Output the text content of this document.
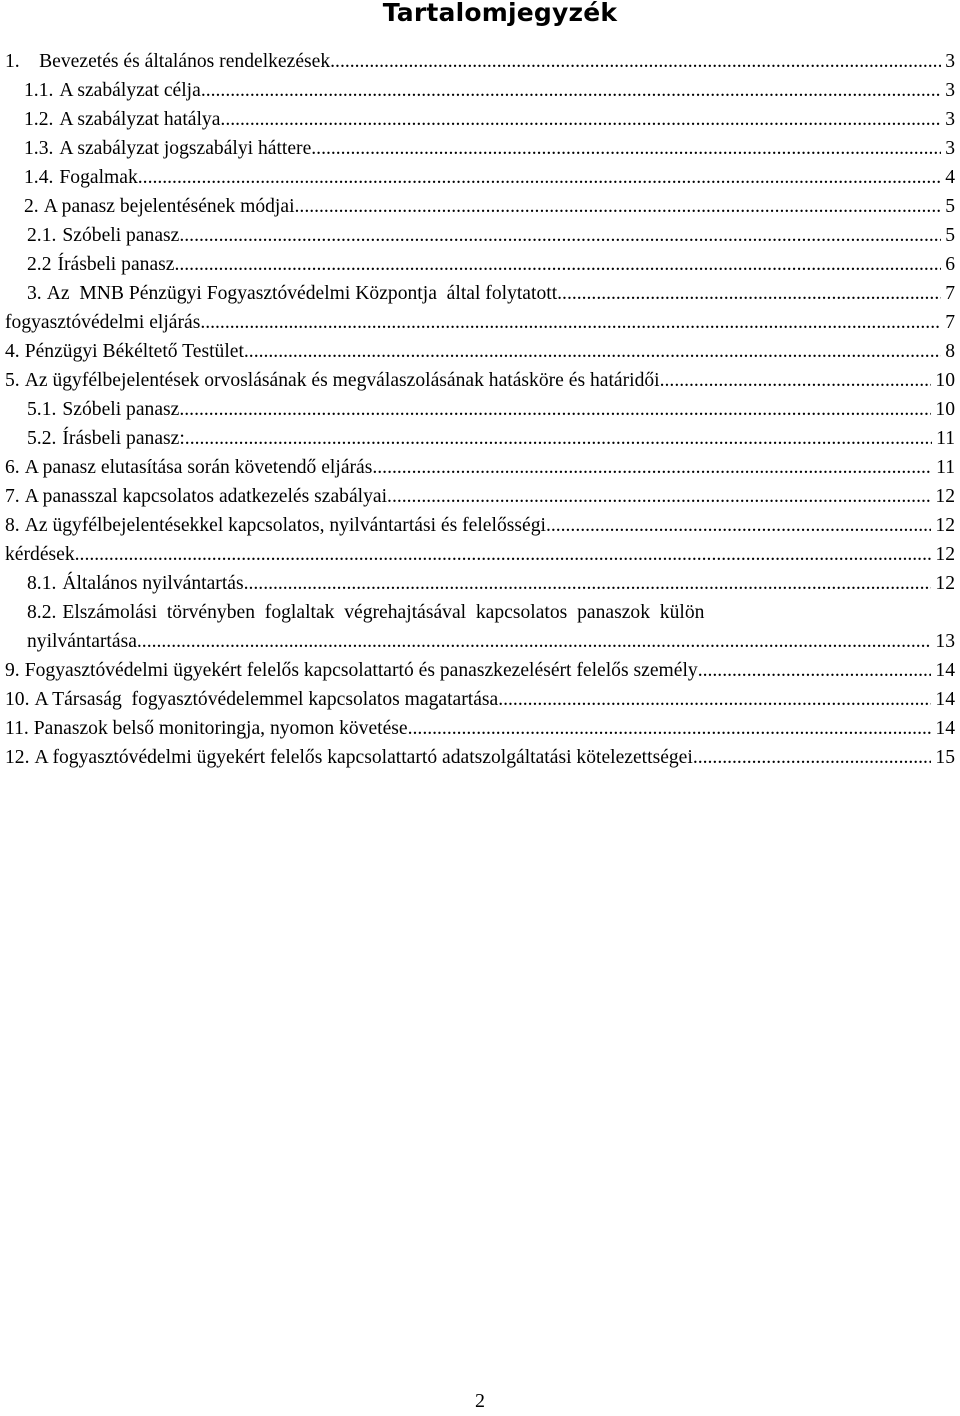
Tartalomjegyzék
1. Bevezetés és általános rendelkezések .....	3
1.1. A szabályzat célja .....	3
1.2. A szabályzat hatálya .....	3
1.3. A szabályzat jogszabályi háttere .....	3
1.4. Fogalmak .....	4
2. A panasz bejelentésének módjai .....	5
2.1. Szóbeli panasz .....	5
2.2 Írásbeli panasz .....	6
3. Az  MNB Pénzügyi Fogyasztóvédelmi Központja  által folytatott .....	7
fogyasztóvédelmi eljárás .....	7
4. Pénzügyi Békéltető Testület .....	8
5. Az ügyfélbejelentések orvoslásának és megválaszolásának hatásköre és határidői .....	10
5.1. Szóbeli panasz .....	10
5.2. Írásbeli panasz: .....	11
6. A panasz elutasítása során követendő eljárás .....	11
7. A panasszal kapcsolatos adatkezelés szabályai .....	12
8. Az ügyfélbejelentésekkel kapcsolatos, nyilvántartási és felelősségi .....	12
kérdések .....	12
8.1. Általános nyilvántartás .....	12
8.2. Elszámolási  törvényben  foglaltak  végrehajtásával  kapcsolatos  panaszok  külön
nyilvántartása .....	13
9. Fogyasztóvédelmi ügyekért felelős kapcsolattartó és panaszkezelésért felelős személy .....	14
10. A Társaság  fogyasztóvédelemmel kapcsolatos magatartása .....	14
11. Panaszok belső monitoringja, nyomon követése .....	14
12. A fogyasztóvédelmi ügyekért felelős kapcsolattartó adatszolgáltatási kötelezettségei .....	15
2
